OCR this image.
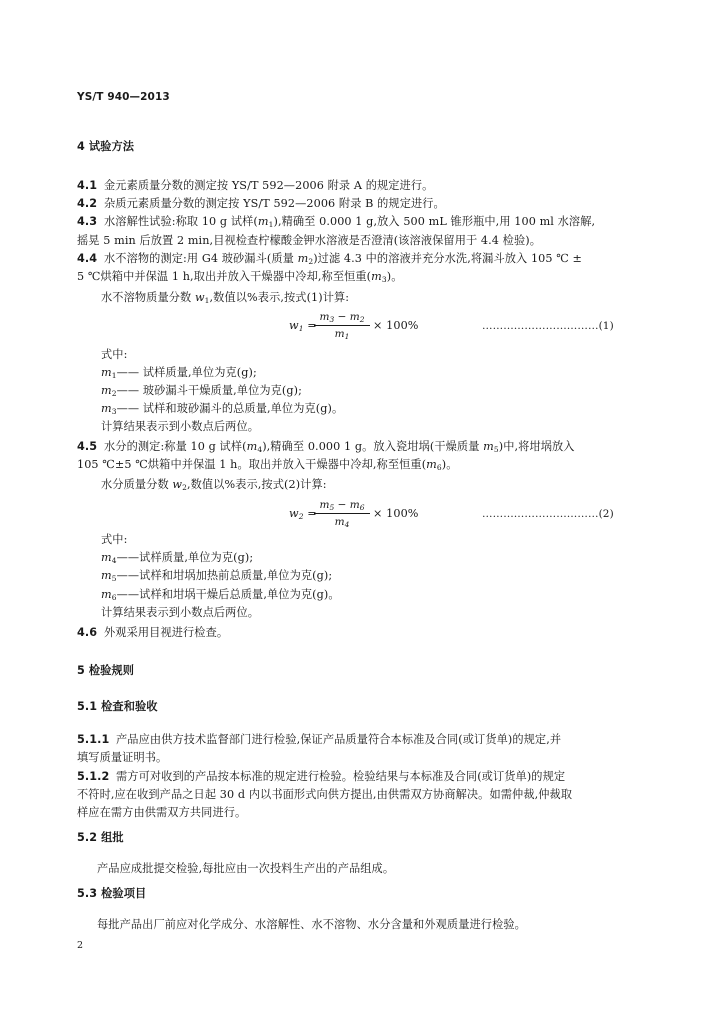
YS/T 940—2013
4 试验方法
4.1 金元素质量分数的测定按 YS/T 592—2006 附录 A 的规定进行。
4.2 杂质元素质量分数的测定按 YS/T 592—2006 附录 B 的规定进行。
4.3 水溶解性试验:称取 10 g 试样$(m_1)$,精确至 0.000 1 g,放入 500 mL 锥形瓶中,用 100 ml 水溶解,
摇晃 5 min 后放置 2 min,目视检查柠檬酸金钾水溶液是否澄清(该溶液保留用于 4.4 检验)。
4.4 水不溶物的测定:用 G4 玻砂漏斗(质量 $m_2$)过滤 4.3 中的溶液并充分水洗,将漏斗放入 105 ℃ ±
5 ℃烘箱中并保温 1 h,取出并放入干燥器中冷却,称至恒重$(m_3)$。
水不溶物质量分数 $w_1$,数值以%表示,按式(1)计算:
$w_1$ =
$m_3 - m_2$
$m_1$
× 100%	……………………………(1)
式中:
$m_1——$ 试样质量,单位为克(g);
$m_2——$ 玻砂漏斗干燥质量,单位为克(g);
$m_3——$ 试样和玻砂漏斗的总质量,单位为克(g)。
计算结果表示到小数点后两位。
4.5 水分的测定:称量 10 g 试样$(m_4)$,精确至 0.000 1 g。放入瓷坩埚(干燥质量 $m_5$)中,将坩埚放入
105 ℃±5 ℃烘箱中并保温 1 h。取出并放入干燥器中冷却,称至恒重$(m_6)$。
水分质量分数 $w_2$,数值以%表示,按式(2)计算:
$w_2$ =
$m_5 - m_6$
$m_4$
× 100%	……………………………(2)
式中:
$m_4——$试样质量,单位为克(g);
$m_5——$试样和坩埚加热前总质量,单位为克(g);
$m_6——$试样和坩埚干燥后总质量,单位为克(g)。
计算结果表示到小数点后两位。
4.6 外观采用目视进行检查。
5 检验规则
5.1 检查和验收
5.1.1 产品应由供方技术监督部门进行检验,保证产品质量符合本标准及合同(或订货单)的规定,并
填写质量证明书。
5.1.2 需方可对收到的产品按本标准的规定进行检验。检验结果与本标准及合同(或订货单)的规定
不符时,应在收到产品之日起 30 d 内以书面形式向供方提出,由供需双方协商解决。如需仲裁,仲裁取
样应在需方由供需双方共同进行。
5.2 组批
产品应成批提交检验,每批应由一次投料生产出的产品组成。
5.3 检验项目
每批产品出厂前应对化学成分、水溶解性、水不溶物、水分含量和外观质量进行检验。
2
